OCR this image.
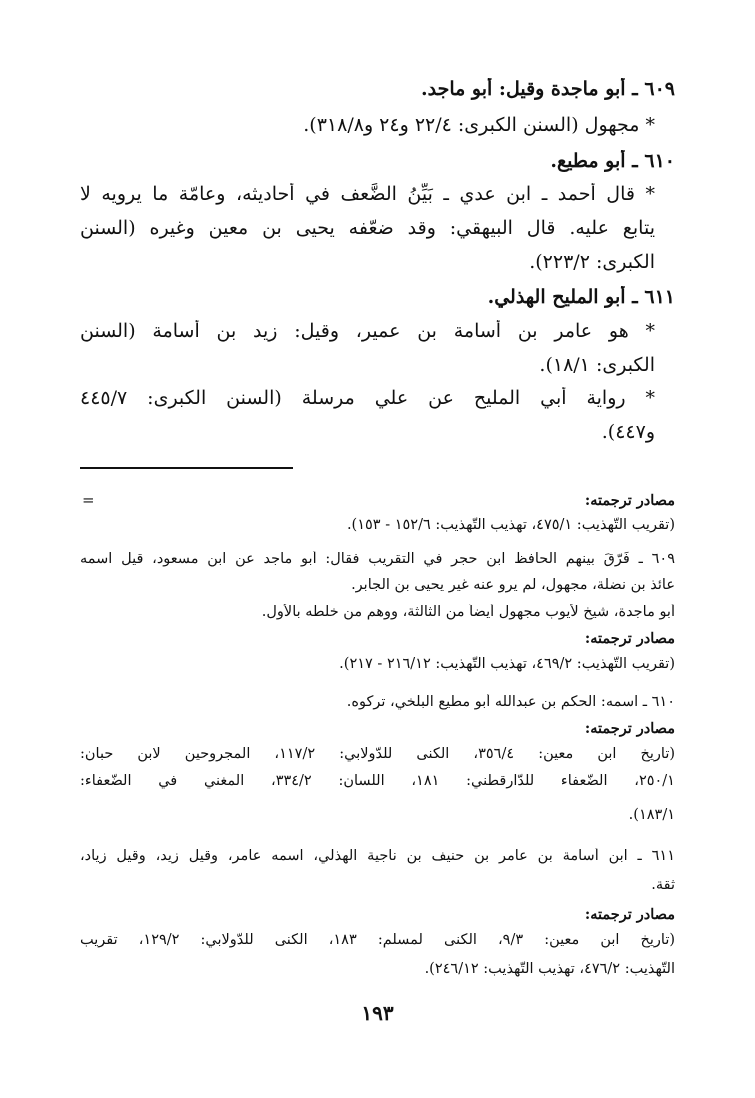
٦٠٩ ـ أبو ماجدة وقيل: أبو ماجد.
* مجهول (السنن الكبرى: ٢٢/٤ و٢٤ و٣١٨/٨).
٦١٠ ـ أبو مطيع.
* قال أحمد ـ ابن عدي ـ بَيِّنُ الضَّعف في أحاديثه، وعامّة ما يرويه لا
يتابع عليه. قال البيهقي: وقد ضعّفه يحيى بن معين وغيره (السنن
الكبرى: ٢٢٣/٢).
٦١١ ـ أبو المليح الهذلي.
* هو عامر بن أسامة بن عمير، وقيل: زيد بن أسامة (السنن
الكبرى: ١٨/١).
* رواية أبي المليح عن علي مرسلة (السنن الكبرى: ٤٤٥/٧
و٤٤٧).
=	مصادر ترجمته:
(تقريب التّهذيب: ٤٧٥/١، تهذيب التّهذيب: ١٥٢/٦ - ١٥٣).
٦٠٩ ـ فَرّقَ بينهم الحافظ ابن حجر في التقريب فقال: أبو ماجد عن ابن مسعود، قيل اسمه
عائذ بن نضلة، مجهول، لم يرو عنه غير يحيى بن الجابر.
أبو ماجدة، شيخ لأيوب مجهول أيضاً من الثالثة، ووهم من خلطه بالأول.
مصادر ترجمته:
(تقريب التّهذيب: ٤٦٩/٢، تهذيب التّهذيب: ٢١٦/١٢ - ٢١٧).
٦١٠ ـ اسمه: الحكم بن عبدالله أبو مطيع البلخي، تركوه.
مصادر ترجمته:
(تاريخ ابن معين: ٣٥٦/٤، الكنى للدّولابي: ١١٧/٢، المجروحين لابن حبان:
٢٥٠/١، الضّعفاء للدّارقطني: ١٨١، اللسان: ٣٣٤/٢، المغني في الضّعفاء:
١٨٣/١).
٦١١ ـ ابن أسامة بن عامر بن حنيف بن ناجية الهذلي، اسمه عامر، وقيل زيد، وقيل زياد،
ثقة.
مصادر ترجمته:
(تاريخ ابن معين: ٩/٣، الكنى لمسلم: ١٨٣، الكنى للدّولابي: ١٢٩/٢، تقريب
التّهذيب: ٤٧٦/٢، تهذيب التّهذيب: ٢٤٦/١٢).
١٩٣
